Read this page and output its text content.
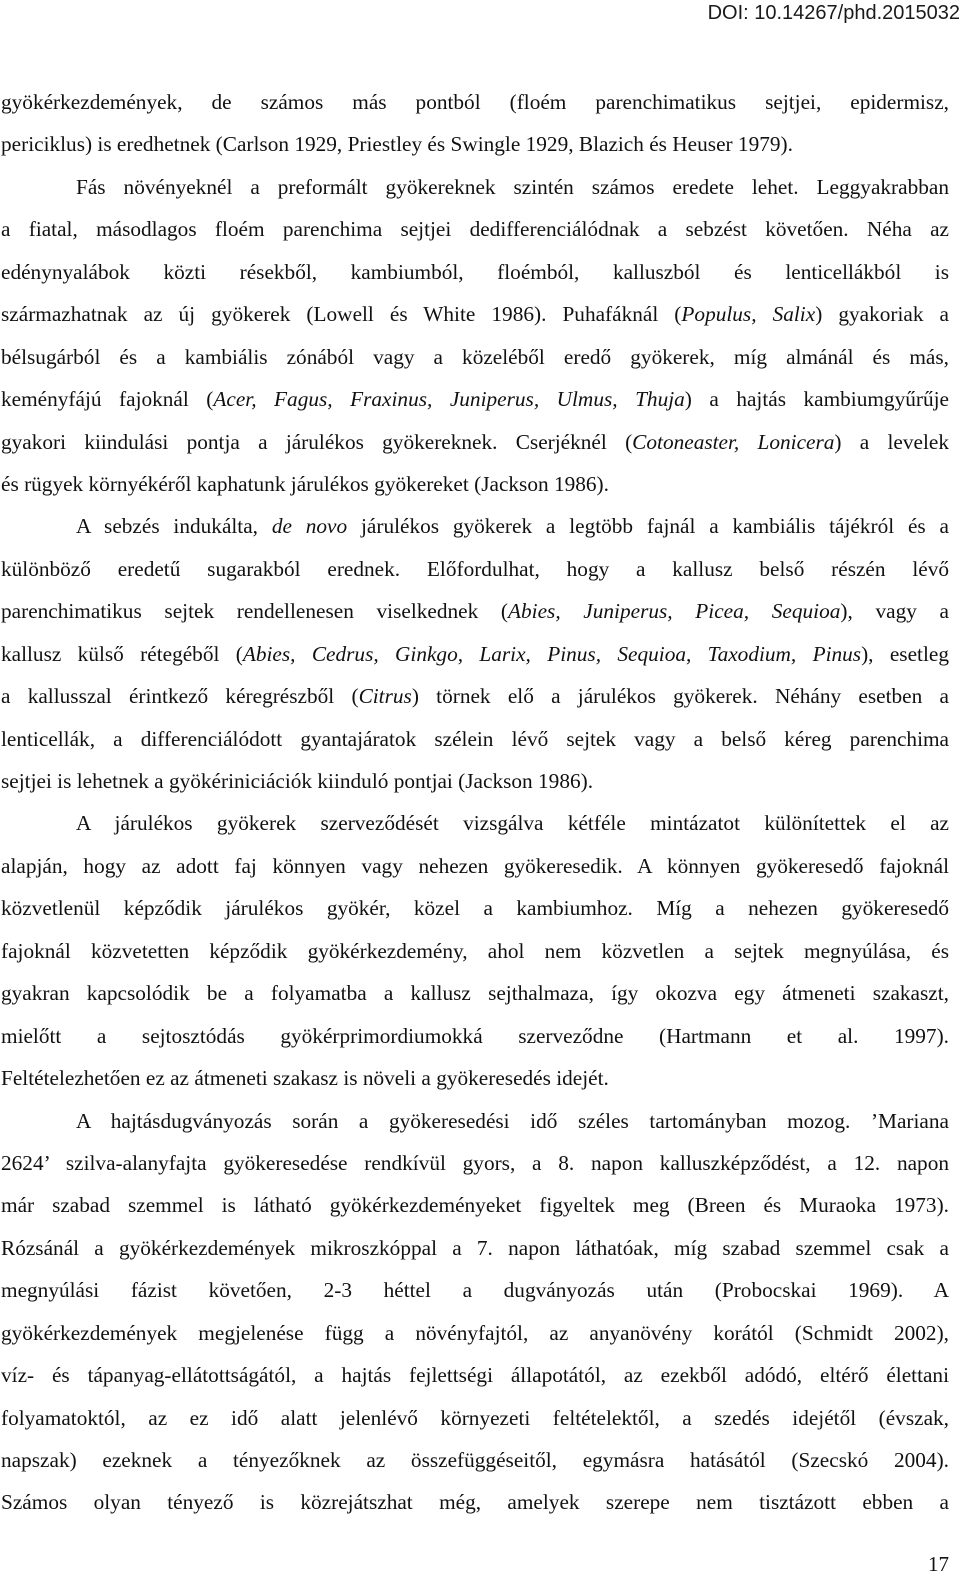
DOI: 10.14267/phd.2015032
gyökérkezdemények, de számos más pontból (floém parenchimatikus sejtjei, epidermisz,
periciklus) is eredhetnek (Carlson 1929, Priestley és Swingle 1929, Blazich és Heuser 1979).
Fás növényeknél a preformált gyökereknek szintén számos eredete lehet. Leggyakrabban
a fiatal, másodlagos floém parenchima sejtjei dedifferenciálódnak a sebzést követően. Néha az
edénynyalábok közti résekből, kambiumból, floémból, kalluszból és lenticellákból is
származhatnak az új gyökerek (Lowell és White 1986). Puhafáknál (Populus, Salix) gyakoriak a
bélsugárból és a kambiális zónából vagy a közeléből eredő gyökerek, míg almánál és más,
keményfájú fajoknál (Acer, Fagus, Fraxinus, Juniperus, Ulmus, Thuja) a hajtás kambiumgyűrűje
gyakori kiindulási pontja a járulékos gyökereknek. Cserjéknél (Cotoneaster, Lonicera) a levelek
és rügyek környékéről kaphatunk járulékos gyökereket (Jackson 1986).
A sebzés indukálta, de novo járulékos gyökerek a legtöbb fajnál a kambiális tájékról és a
különböző eredetű sugarakból erednek. Előfordulhat, hogy a kallusz belső részén lévő
parenchimatikus sejtek rendellenesen viselkednek (Abies, Juniperus, Picea, Sequioa), vagy a
kallusz külső rétegéből (Abies, Cedrus, Ginkgo, Larix, Pinus, Sequioa, Taxodium, Pinus), esetleg
a kallusszal érintkező kéregrészből (Citrus) törnek elő a járulékos gyökerek. Néhány esetben a
lenticellák, a differenciálódott gyantajáratok szélein lévő sejtek vagy a belső kéreg parenchima
sejtjei is lehetnek a gyökériniciációk kiinduló pontjai (Jackson 1986).
A járulékos gyökerek szerveződését vizsgálva kétféle mintázatot különítettek el az
alapján, hogy az adott faj könnyen vagy nehezen gyökeresedik. A könnyen gyökeresedő fajoknál
közvetlenül képződik járulékos gyökér, közel a kambiumhoz. Míg a nehezen gyökeresedő
fajoknál közvetetten képződik gyökérkezdemény, ahol nem közvetlen a sejtek megnyúlása, és
gyakran kapcsolódik be a folyamatba a kallusz sejthalmaza, így okozva egy átmeneti szakaszt,
mielőtt a sejtosztódás gyökérprimordiumokká szerveződne (Hartmann et al. 1997).
Feltételezhetően ez az átmeneti szakasz is növeli a gyökeresedés idejét.
A hajtásdugványozás során a gyökeresedési idő széles tartományban mozog. ’Mariana
2624’ szilva-alanyfajta gyökeresedése rendkívül gyors, a 8. napon kalluszképződést, a 12. napon
már szabad szemmel is látható gyökérkezdeményeket figyeltek meg (Breen és Muraoka 1973).
Rózsánál a gyökérkezdemények mikroszkóppal a 7. napon láthatóak, míg szabad szemmel csak a
megnyúlási fázist követően, 2-3 héttel a dugványozás után (Probocskai 1969). A
gyökérkezdemények megjelenése függ a növényfajtól, az anyanövény korától (Schmidt 2002),
víz- és tápanyag-ellátottságától, a hajtás fejlettségi állapotától, az ezekből adódó, eltérő élettani
folyamatoktól, az ez idő alatt jelenlévő környezeti feltételektől, a szedés idejétől (évszak,
napszak) ezeknek a tényezőknek az összefüggéseitől, egymásra hatásától (Szecskó 2004).
Számos olyan tényező is közrejátszhat még, amelyek szerepe nem tisztázott ebben a
17
